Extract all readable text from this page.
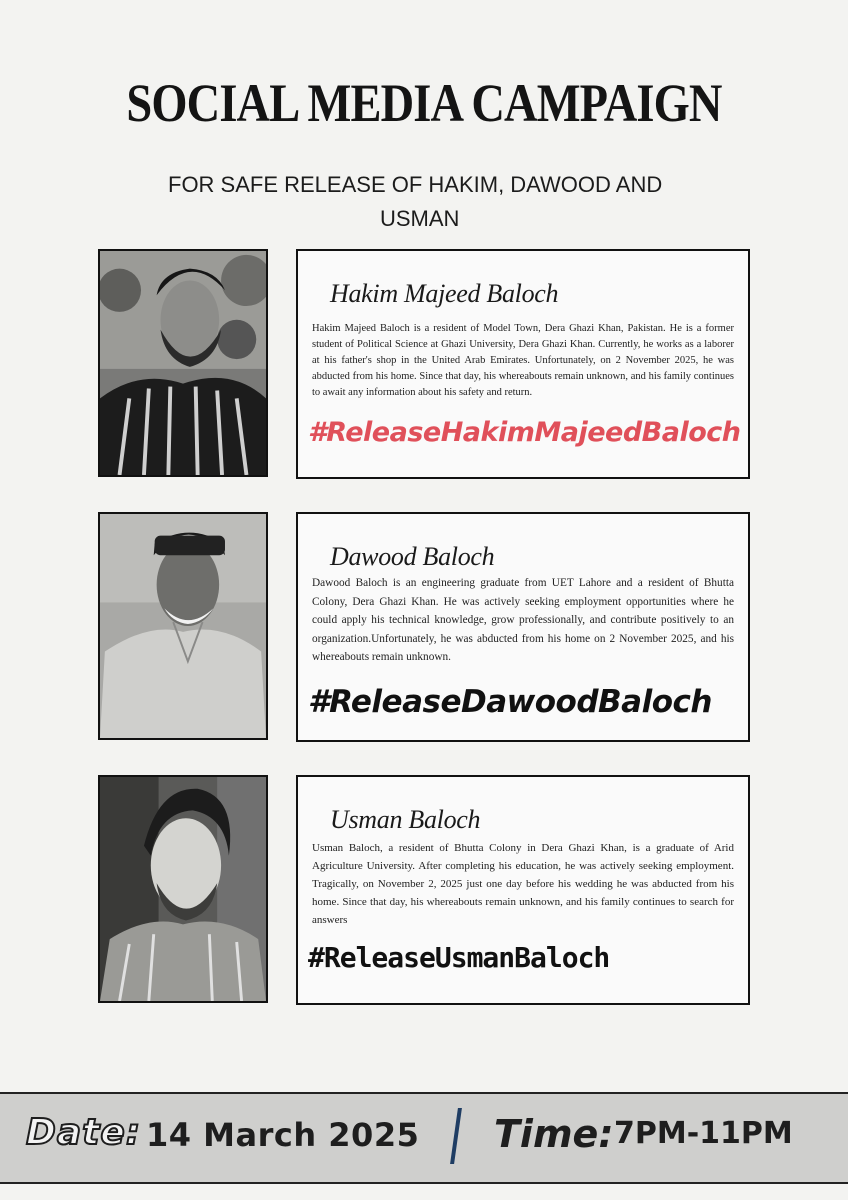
SOCIAL MEDIA CAMPAIGN
FOR SAFE RELEASE OF HAKIM, DAWOOD AND
USMAN
Hakim Majeed Baloch
Hakim Majeed Baloch is a resident of Model Town, Dera Ghazi Khan, Pakistan. He is a former student of Political Science at Ghazi University, Dera Ghazi Khan. Currently, he works as a laborer at his father's shop in the United Arab Emirates. Unfortunately, on 2 November 2025, he was abducted from his home. Since that day, his whereabouts remain unknown, and his family continues to await any information about his safety and return.
#ReleaseHakimMajeedBaloch
Dawood Baloch
Dawood Baloch is an engineering graduate from UET Lahore and a resident of Bhutta Colony, Dera Ghazi Khan. He was actively seeking employment opportunities where he could apply his technical knowledge, grow professionally, and contribute positively to an organization.Unfortunately, he was abducted from his home on 2 November 2025, and his whereabouts remain unknown.
#ReleaseDawoodBaloch
Usman Baloch
Usman Baloch, a resident of Bhutta Colony in Dera Ghazi Khan, is a graduate of Arid Agriculture University. After completing his education, he was actively seeking employment. Tragically, on November 2, 2025 just one day before his wedding he was abducted from his home. Since that day, his whereabouts remain unknown, and his family continues to search for answers
#ReleaseUsmanBaloch
Date: 14 March 2025 Time: 7PM-11PM
